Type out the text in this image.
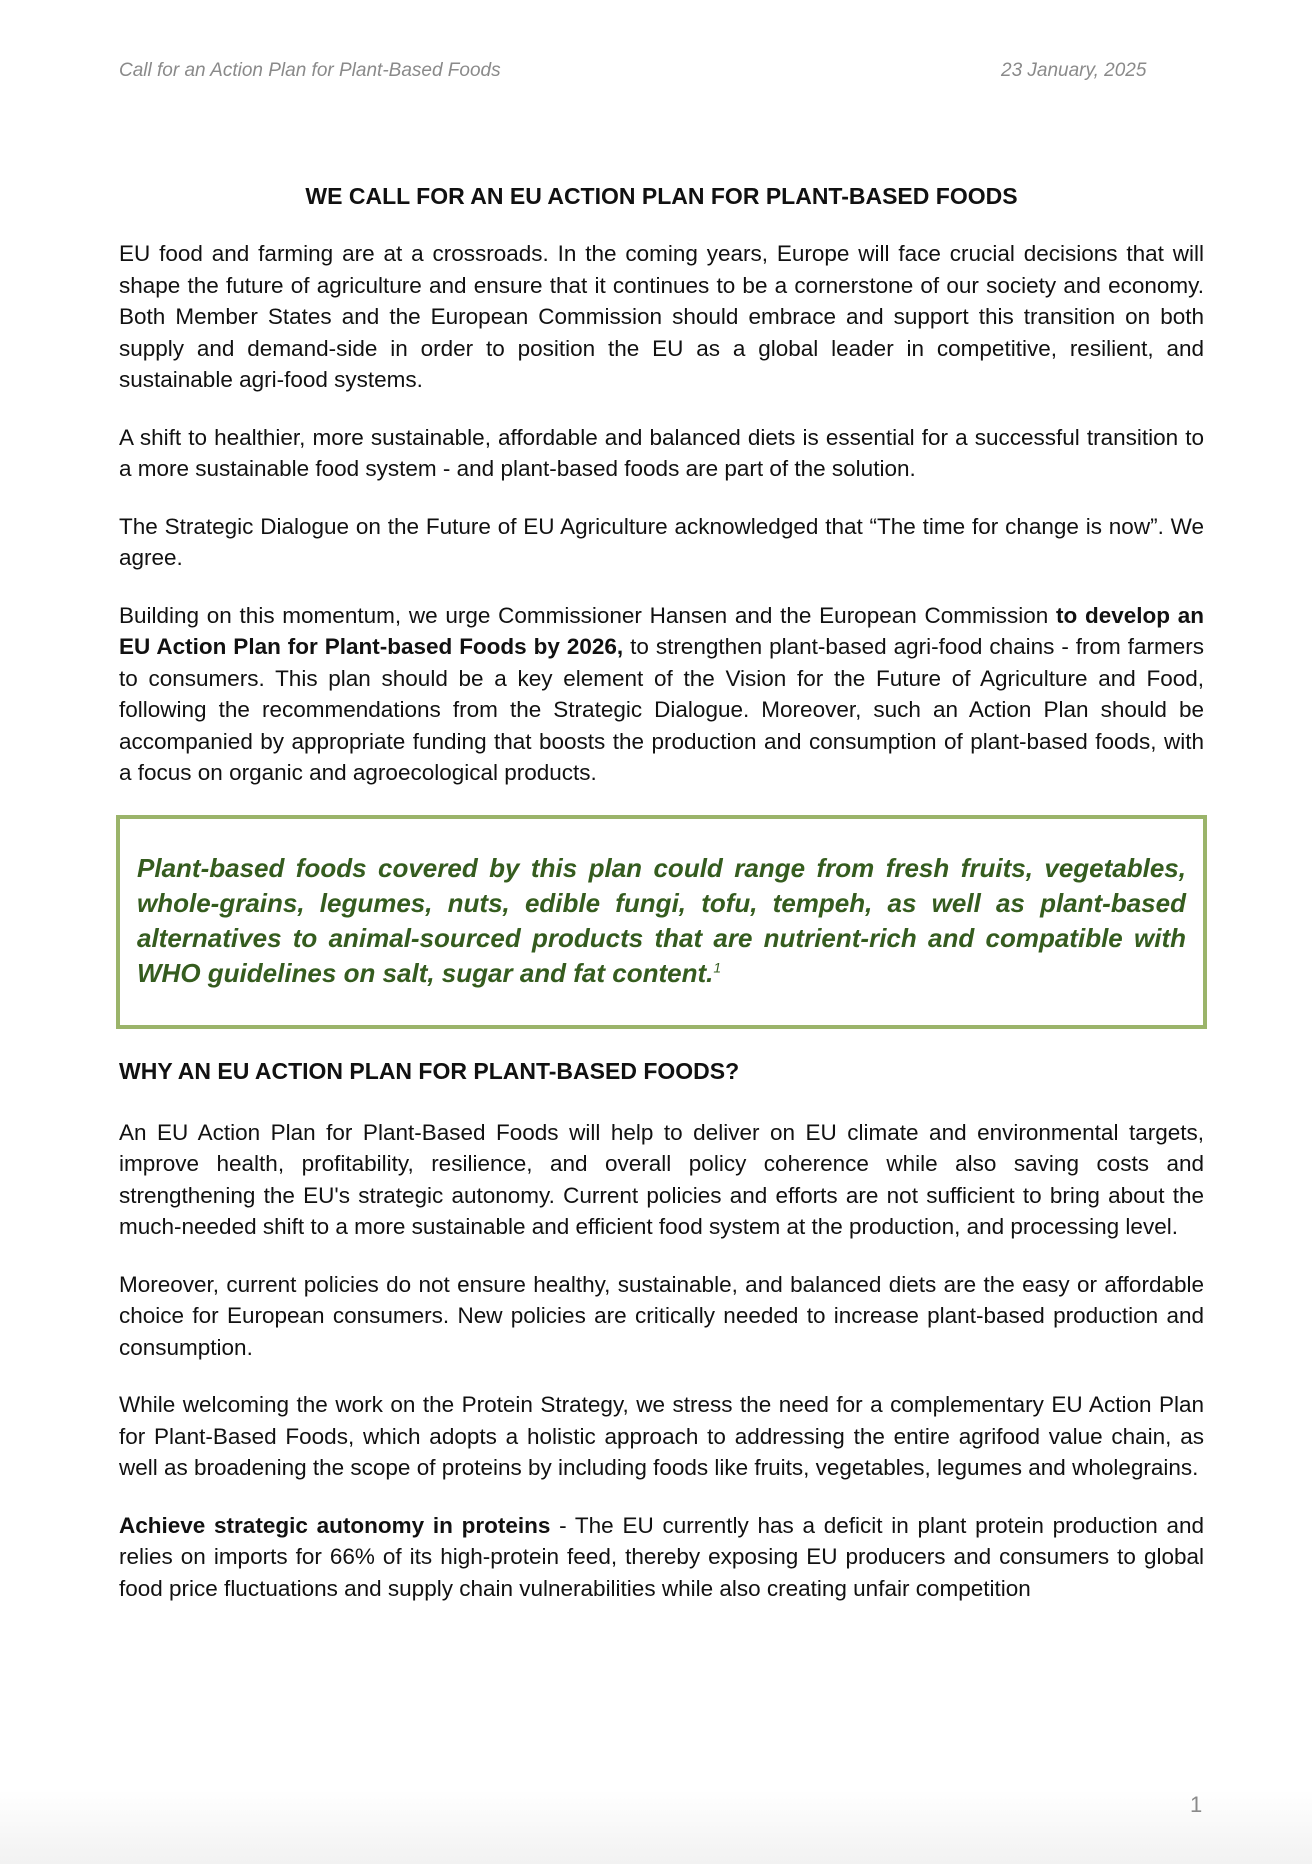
Call for an Action Plan for Plant-Based Foods	23 January, 2025
WE CALL FOR AN EU ACTION PLAN FOR PLANT-BASED FOODS

EU food and farming are at a crossroads. In the coming years, Europe will face crucial decisions that will shape the future of agriculture and ensure that it continues to be a cornerstone of our society and economy. Both Member States and the European Commission should embrace and support this transition on both supply and demand-side in order to position the EU as a global leader in competitive, resilient, and sustainable agri-food systems.

A shift to healthier, more sustainable, affordable and balanced diets is essential for a successful transition to a more sustainable food system - and plant-based foods are part of the solution.

The Strategic Dialogue on the Future of EU Agriculture acknowledged that “The time for change is now”. We agree.

Building on this momentum, we urge Commissioner Hansen and the European Commission to develop an EU Action Plan for Plant-based Foods by 2026, to strengthen plant-based agri-food chains - from farmers to consumers. This plan should be a key element of the Vision for the Future of Agriculture and Food, following the recommendations from the Strategic Dialogue. Moreover, such an Action Plan should be accompanied by appropriate funding that boosts the production and consumption of plant-based foods, with a focus on organic and agroecological products.

Plant-based foods covered by this plan could range from fresh fruits, vegetables, whole-grains, legumes, nuts, edible fungi, tofu, tempeh, as well as plant-based alternatives to animal-sourced products that are nutrient-rich and compatible with WHO guidelines on salt, sugar and fat content.$^1$

WHY AN EU ACTION PLAN FOR PLANT-BASED FOODS?

An EU Action Plan for Plant-Based Foods will help to deliver on EU climate and environmental targets, improve health, profitability, resilience, and overall policy coherence while also saving costs and strengthening the EU's strategic autonomy. Current policies and efforts are not sufficient to bring about the much-needed shift to a more sustainable and efficient food system at the production, and processing level.

Moreover, current policies do not ensure healthy, sustainable, and balanced diets are the easy or affordable choice for European consumers. New policies are critically needed to increase plant-based production and consumption.

While welcoming the work on the Protein Strategy, we stress the need for a complementary EU Action Plan for Plant-Based Foods, which adopts a holistic approach to addressing the entire agrifood value chain, as well as broadening the scope of proteins by including foods like fruits, vegetables, legumes and wholegrains.

Achieve strategic autonomy in proteins - The EU currently has a deficit in plant protein production and relies on imports for 66% of its high-protein feed, thereby exposing EU producers and consumers to global food price fluctuations and supply chain vulnerabilities while also creating unfair competition

1
